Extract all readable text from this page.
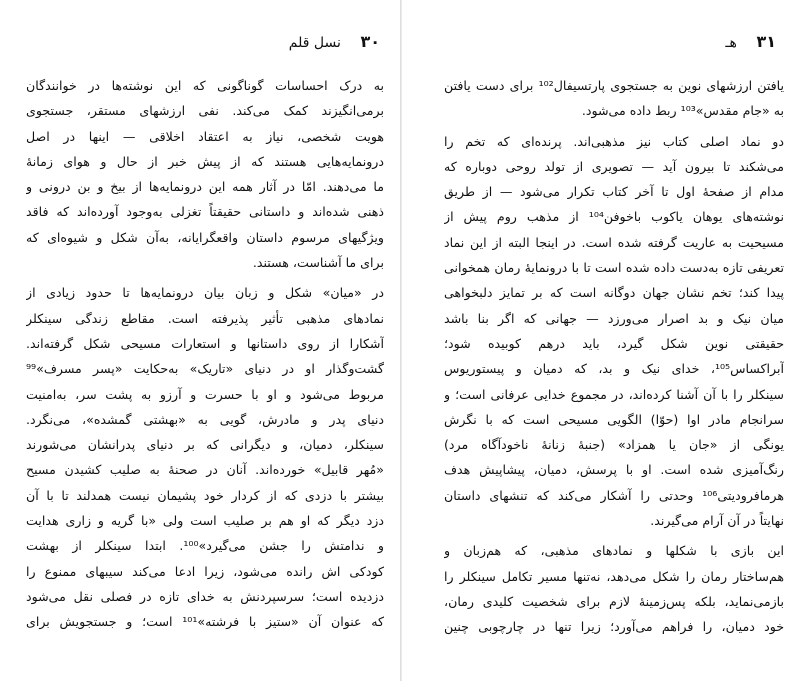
۳۰ نسل قلم
به درک احساسات گوناگونی که این نوشته‌ها در خوانندگان
برمی‌انگیزند کمک می‌کند. نفی ارزشهای مستقر، جستجوی
هویت شخصی، نیاز به اعتقاد اخلاقی — اینها در اصل
درونمایه‌هایی هستند که از پیش خبر از حال و هوای زمانهٔ
ما می‌دهند. امّا در آثار همه این درونمایه‌ها از بیخ و بن درونی و
ذهنی شده‌اند و داستانی حقیقتاً تغزلی به‌وجود آورده‌اند که فاقد
ویژگیهای مرسوم داستان واقعگرایانه، به‌آن شکل و شیوه‌ای که
برای ما آشناست، هستند.
در «میان» شکل و زبان بیان درونمایه‌ها تا حدود زیادی از
نمادهای مذهبی تأثیر پذیرفته است. مقاطع زندگی سینکلر
آشکارا از روی داستانها و استعارات مسیحی شکل گرفته‌اند.
گشت‌وگذار او در دنیای «تاریک» به‌حکایت «پسر مسرف»⁹⁹
مربوط می‌شود و او با حسرت و آرزو به پشت سر، به‌امنیت
دنیای پدر و مادرش، گویی به «بهشتی گمشده»، می‌نگرد.
سینکلر، دمیان، و دیگرانی که بر دنیای پدرانشان می‌شورند
«مُهر قابیل» خورده‌اند. آنان در صحنهٔ به صلیب کشیدن مسیح
بیشتر با دزدی که از کردار خود پشیمان نیست همدلند تا با آن
دزد دیگر که او هم بر صلیب است ولی «با گریه و زاری هدایت
و ندامتش را جشن می‌گیرد»¹⁰⁰. ابتدا سینکلر از بهشت
کودکی اش رانده می‌شود، زیرا ادعا می‌کند سیبهای ممنوع را
دزدیده است؛ سرسپردنش به خدای تازه در فصلی نقل می‌شود
که عنوان آن «ستیز با فرشته»¹⁰¹ است؛ و جستجویش برای
۳۱ هـ
یافتن ارزشهای نوین به جستجوی پارتسیفال¹⁰² برای دست یافتن
به «جام مقدس»¹⁰³ ربط داده می‌شود.
دو نماد اصلی کتاب نیز مذهبی‌اند. پرنده‌ای که تخم را
می‌شکند تا بیرون آید — تصویری از تولد روحی دوباره که
مدام از صفحهٔ اول تا آخر کتاب تکرار می‌شود — از طریق
نوشته‌های یوهان یاکوب باخوفن¹⁰⁴ از مذهب روم پیش از
مسیحیت به عاریت گرفته شده است. در اینجا البته از این نماد
تعریفی تازه به‌دست داده شده است تا با درونمایهٔ رمان همخوانی
پیدا کند؛ تخم نشان جهان دوگانه است که بر تمایز دلبخواهی
میان نیک و بد اصرار می‌ورزد — جهانی که اگر بنا باشد
حقیقتی نوین شکل گیرد، باید درهم کوبیده شود؛
آبراکساس¹⁰⁵، خدای نیک و بد، که دمیان و پیستوریوس
سینکلر را با آن آشنا کرده‌اند، در مجموع خدایی عرفانی است؛ و
سرانجام مادر اوا (حوّا) الگویی مسیحی است که با نگرش
یونگی از «جان یا همزاد» (جنبهٔ زنانهٔ ناخودآگاه مرد)
رنگ‌آمیزی شده است. او با پرسش، دمیان، پیشاپیش هدف
هرمافرودیتی¹⁰⁶ وحدتی را آشکار می‌کند که تنشهای داستان
نهایتاً در آن آرام می‌گیرند.
این بازی با شکلها و نمادهای مذهبی، که هم‌زبان و
هم‌ساختار رمان را شکل می‌دهد، نه‌تنها مسیر تکامل سینکلر را
بازمی‌نماید، بلکه پس‌زمینهٔ لازم برای شخصیت کلیدی رمان،
خود دمیان، را فراهم می‌آورد؛ زیرا تنها در چارچوبی چنین
